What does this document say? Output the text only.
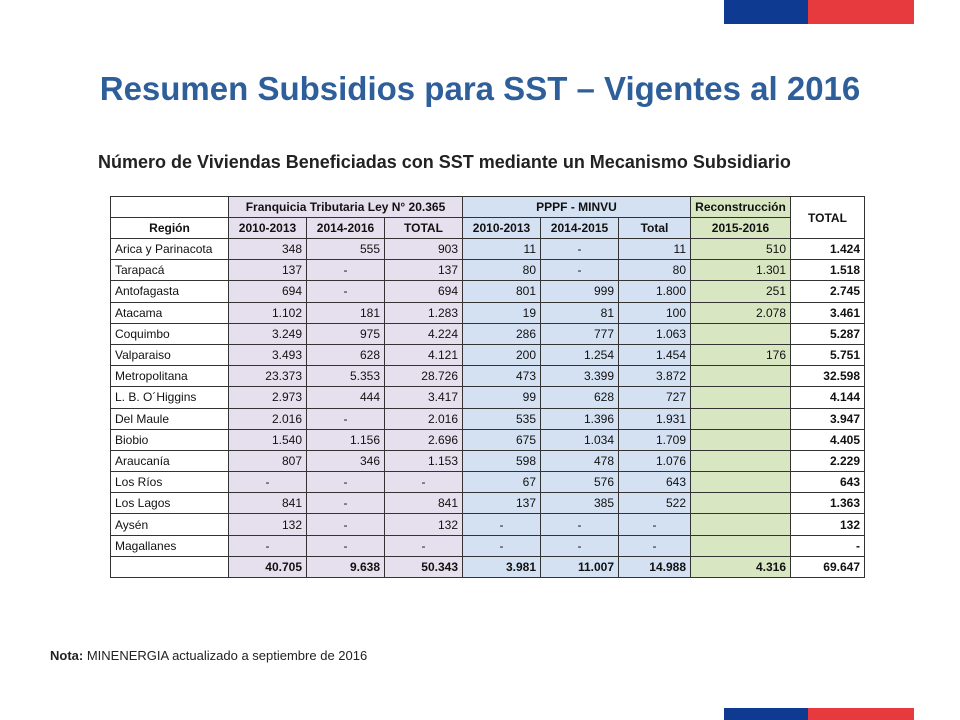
Resumen Subsidios para SST – Vigentes al 2016
Número de Viviendas Beneficiadas con SST mediante un Mecanismo Subsidiario
	Franquicia Tributaria Ley N° 20.365			PPPF - MINVU			Reconstrucción	TOTAL
Región	2010-2013	2014-2016	TOTAL	2010-2013	2014-2015	Total	2015-2016	
Arica y Parinacota	348	555	903	11	-	11	510	1.424
Tarapacá	137	-	137	80	-	80	1.301	1.518
Antofagasta	694	-	694	801	999	1.800	251	2.745
Atacama	1.102	181	1.283	19	81	100	2.078	3.461
Coquimbo	3.249	975	4.224	286	777	1.063		5.287
Valparaiso	3.493	628	4.121	200	1.254	1.454	176	5.751
Metropolitana	23.373	5.353	28.726	473	3.399	3.872		32.598
L. B. O´Higgins	2.973	444	3.417	99	628	727		4.144
Del Maule	2.016	-	2.016	535	1.396	1.931		3.947
Biobio	1.540	1.156	2.696	675	1.034	1.709		4.405
Araucanía	807	346	1.153	598	478	1.076		2.229
Los Ríos	-	-	-	67	576	643		643
Los Lagos	841	-	841	137	385	522		1.363
Aysén	132	-	132	-	-	-		132
Magallanes	-	-	-	-	-	-		-
	40.705	9.638	50.343	3.981	11.007	14.988	4.316	69.647
Nota: MINENERGIA actualizado a septiembre de 2016
